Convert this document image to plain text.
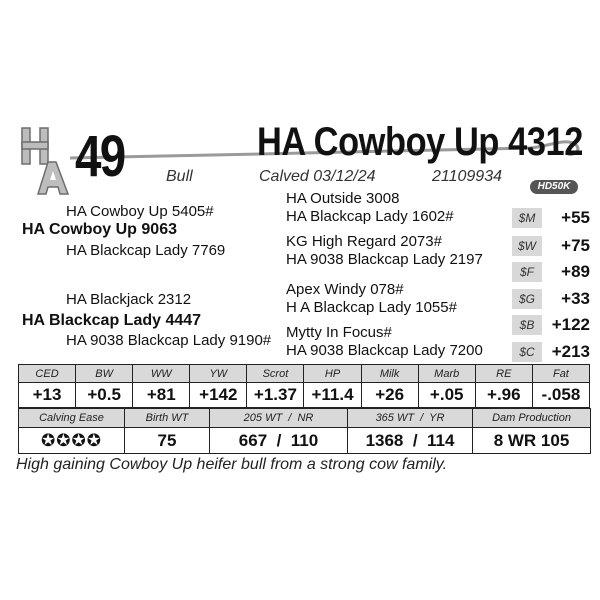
49	HA Cowboy Up 4312
Bull	Calved 03/12/24	21109934
HD50K
HA Cowboy Up 5405#
HA Cowboy Up 9063
HA Blackcap Lady 7769
HA Blackjack 2312
HA Blackcap Lady 4447
HA 9038 Blackcap Lady 9190#
HA Outside 3008
HA Blackcap Lady 1602#
KG High Regard 2073#
HA 9038 Blackcap Lady 2197
Apex Windy 078#
H A Blackcap Lady 1055#
Mytty In Focus#
HA 9038 Blackcap Lady 7200
$M	+55
$W	+75
$F	+89
$G	+33
$B	+122
$C	+213
CED	BW	WW	YW	Scrot	HP	Milk	Marb	RE	Fat
+13	+0.5	+81	+142	+1.37	+11.4	+26	+.05	+.96	-.058
Calving Ease	Birth WT	205 WT  /  NR	365 WT  /  YR	Dam Production
✪✪✪✪	75	667  /  110	1368  /  114	8 WR 105
High gaining Cowboy Up heifer bull from a strong cow family.
